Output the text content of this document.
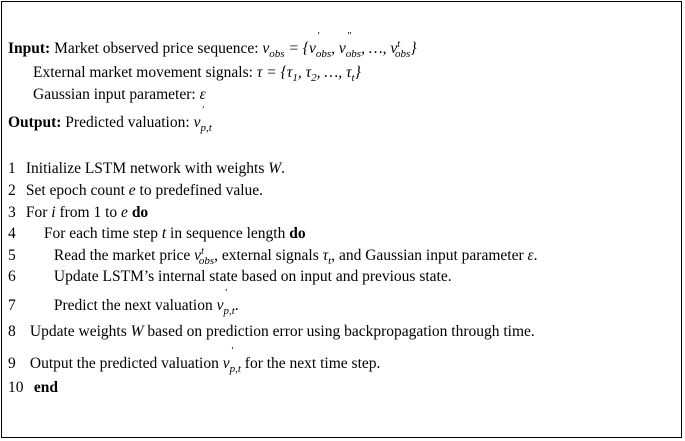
Input: Market observed price sequence: $v_{obs} = \{v$
′
$_{obs}$, v
″
$_{obs}$, …, $v^t_{obs}$}
External market movement signals: $\tau = \{\tau_1$, $\tau_2$, …, $\tau_t$}
Gaussian input parameter: ε
Output: Predicted valuation: v
′
$_{p,t}$
1 Initialize LSTM network with weights W.
2 Set epoch count e to predefined value.
3 For i from 1 to e do
4 For each time step t in sequence length do
5 Read the market price $v^t_{obs}$, external signals $\tau_t$, and Gaussian input parameter ε.
6 Update LSTM’s internal state based on input and previous state.
7 Predict the next valuation v
′
$_{p,t}$.
8 Update weights W based on prediction error using backpropagation through time.
9 Output the predicted valuation v
′
$_{p,t}$ for the next time step.
10 end
